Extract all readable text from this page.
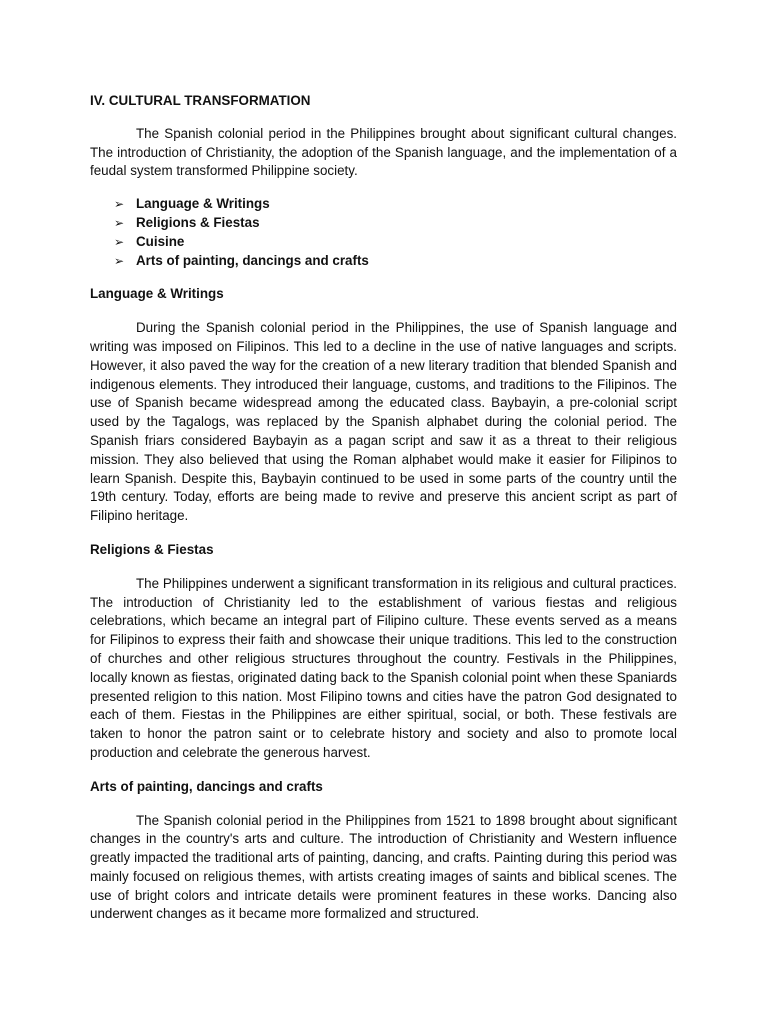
IV. CULTURAL TRANSFORMATION

The Spanish colonial period in the Philippines brought about significant cultural changes. The introduction of Christianity, the adoption of the Spanish language, and the implementation of a feudal system transformed Philippine society.

➢ Language & Writings
➢ Religions & Fiestas
➢ Cuisine
➢ Arts of painting, dancings and crafts

Language & Writings

During the Spanish colonial period in the Philippines, the use of Spanish language and writing was imposed on Filipinos. This led to a decline in the use of native languages and scripts. However, it also paved the way for the creation of a new literary tradition that blended Spanish and indigenous elements. They introduced their language, customs, and traditions to the Filipinos. The use of Spanish became widespread among the educated class. Baybayin, a pre-colonial script used by the Tagalogs, was replaced by the Spanish alphabet during the colonial period. The Spanish friars considered Baybayin as a pagan script and saw it as a threat to their religious mission. They also believed that using the Roman alphabet would make it easier for Filipinos to learn Spanish. Despite this, Baybayin continued to be used in some parts of the country until the 19th century. Today, efforts are being made to revive and preserve this ancient script as part of Filipino heritage.

Religions & Fiestas

The Philippines underwent a significant transformation in its religious and cultural practices. The introduction of Christianity led to the establishment of various fiestas and religious celebrations, which became an integral part of Filipino culture. These events served as a means for Filipinos to express their faith and showcase their unique traditions. This led to the construction of churches and other religious structures throughout the country. Festivals in the Philippines, locally known as fiestas, originated dating back to the Spanish colonial point when these Spaniards presented religion to this nation. Most Filipino towns and cities have the patron God designated to each of them. Fiestas in the Philippines are either spiritual, social, or both. These festivals are taken to honor the patron saint or to celebrate history and society and also to promote local production and celebrate the generous harvest.

Arts of painting, dancings and crafts

The Spanish colonial period in the Philippines from 1521 to 1898 brought about significant changes in the country's arts and culture. The introduction of Christianity and Western influence greatly impacted the traditional arts of painting, dancing, and crafts. Painting during this period was mainly focused on religious themes, with artists creating images of saints and biblical scenes. The use of bright colors and intricate details were prominent features in these works. Dancing also underwent changes as it became more formalized and structured.
